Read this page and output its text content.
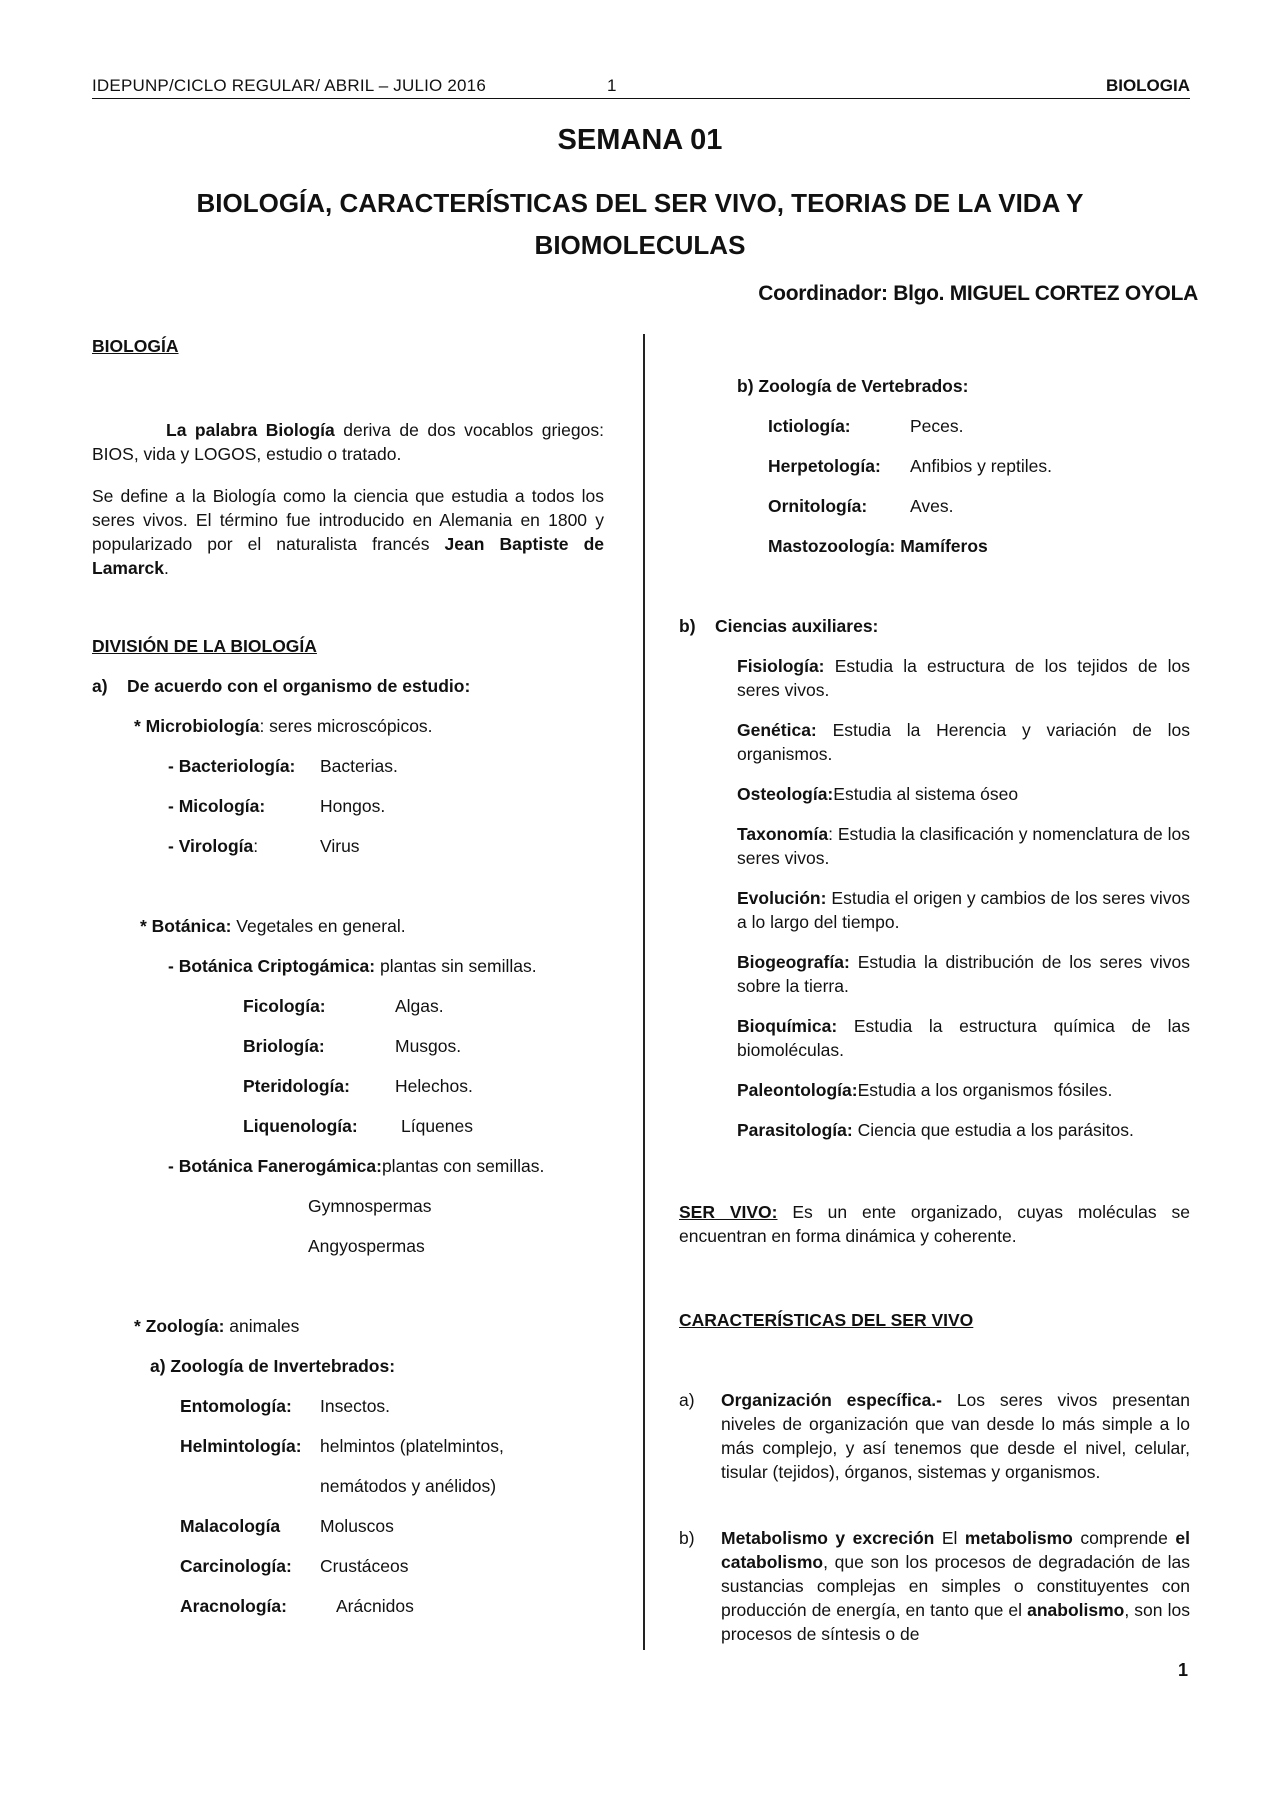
IDEPUNP/CICLO REGULAR/ ABRIL – JULIO 2016	1	BIOLOGIA
SEMANA 01
BIOLOGÍA, CARACTERÍSTICAS DEL SER VIVO, TEORIAS DE LA VIDA Y
BIOMOLECULAS
Coordinador: Blgo. MIGUEL CORTEZ OYOLA
BIOLOGÍA
La palabra Biología deriva de dos vocablos griegos: BIOS, vida y LOGOS, estudio o tratado.
Se define a la Biología como la ciencia que estudia a todos los seres vivos. El término fue introducido en Alemania en 1800 y popularizado por el naturalista francés Jean Baptiste de Lamarck.
DIVISIÓN DE LA BIOLOGÍA
a)    De acuerdo con el organismo de estudio:
* Microbiología: seres microscópicos.
- Bacteriología: Bacterias.
- Micología:	Hongos.
- Virología:	Virus
* Botánica: Vegetales en general.
- Botánica Criptogámica: plantas sin semillas.
Ficología:	Algas.
Briología:	Musgos.
Pteridología:	Helechos.
Liquenología: Líquenes
- Botánica Fanerogámica:plantas con semillas.
Gymnospermas
Angyospermas
* Zoología: animales
a) Zoología de Invertebrados:
Entomología: Insectos.
Helmintología: helmintos (platelmintos,
nemátodos y anélidos)
Malacología Moluscos
Carcinología: Crustáceos
Aracnología:	Arácnidos
b) Zoología de Vertebrados:
Ictiología:	Peces.
Herpetología: Anfibios y reptiles.
Ornitología: Aves.
Mastozoología: Mamíferos
b)    Ciencias auxiliares:
Fisiología: Estudia la estructura de los tejidos de los seres vivos.
Genética: Estudia la Herencia y variación de los organismos.
Osteología:Estudia al sistema óseo
Taxonomía: Estudia la clasificación y nomenclatura de los seres vivos.
Evolución: Estudia el origen y cambios de los seres vivos a lo largo del tiempo.
Biogeografía: Estudia la distribución de los seres vivos sobre la tierra.
Bioquímica: Estudia la estructura química de las biomoléculas.
Paleontología:Estudia a los organismos fósiles.
Parasitología: Ciencia que estudia a los parásitos.
SER VIVO: Es un ente organizado, cuyas moléculas se encuentran en forma dinámica y coherente.
CARACTERÍSTICAS DEL SER VIVO
a) Organización específica.- Los seres vivos presentan niveles de organización que van desde lo más simple a lo más complejo, y así tenemos que desde el nivel, celular, tisular (tejidos), órganos, sistemas y organismos.
b) Metabolismo y excreción El metabolismo comprende el catabolismo, que son los procesos de degradación de las sustancias complejas en simples o constituyentes con producción de energía, en tanto que el anabolismo, son los procesos de síntesis o de
1
